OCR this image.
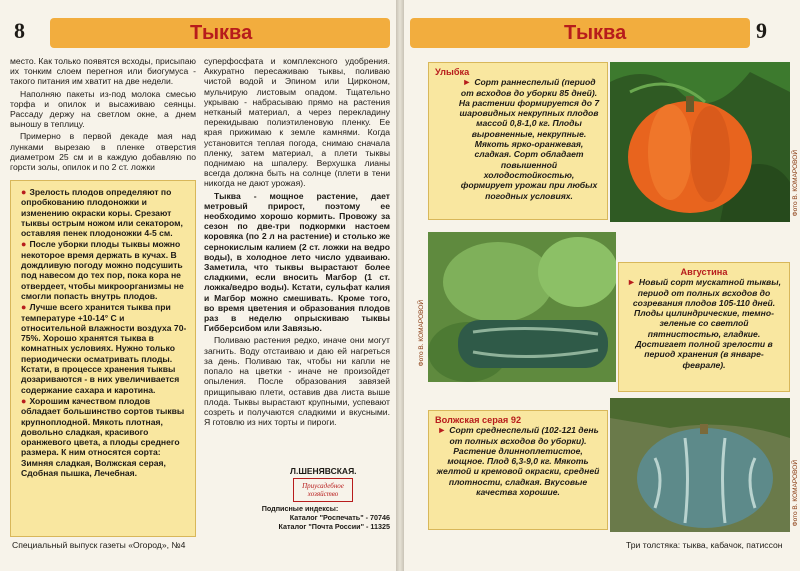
8	Тыква

место. Как только появятся всходы, присыпаю их тонким слоем перегноя или биогумуса - такого питания им хватит на две недели.

Наполняю пакеты из-под молока смесью торфа и опилок и высаживаю сеянцы. Рассаду держу на светлом окне, а днем выношу в теплицу.

Примерно в первой декаде мая над лунками вырезаю в пленке отверстия диаметром 25 см и в каждую добавляю по горсти золы, опилок и по 2 ст. ложки

● Зрелость плодов определяют по опробкованию плодоножки и изменению окраски коры. Срезают тыквы острым ножом или секатором, оставляя пенек плодоножки 4-5 см.

● После уборки плоды тыквы можно некоторое время держать в кучах. В дождливую погоду можно подсушить под навесом до тех пор, пока кора не отвердеет, чтобы микроорганизмы не смогли попасть внутрь плодов.

● Лучше всего хранится тыква при температуре +10-14° С и относительной влажности воздуха 70-75%. Хорошо хранятся тыква в комнатных условиях. Нужно только периодически осматривать плоды. Кстати, в процессе хранения тыквы дозариваются - в них увеличивается содержание сахара и каротина.

● Хорошим качеством плодов обладает большинство сортов тыквы крупноплодной. Мякоть плотная, довольно сладкая, красивого оранжевого цвета, а плоды среднего размера. К ним относятся сорта: Зимняя сладкая, Волжская серая, Сдобная пышка, Лечебная.

суперфосфата и комплексного удобрения. Аккуратно пересаживаю тыквы, поливаю чистой водой и Эпином или Цирконом, мульчирую листовым опадом. Тщательно укрываю - набрасываю прямо на растения нетканый материал, а через перекладину перекидываю полиэтиленовую пленку. Ее края прижимаю к земле камнями. Когда установится теплая погода, снимаю сначала пленку, затем материал, а плети тыквы поднимаю на шпалеру. Верхушка лианы всегда должна быть на солнце (плети в тени никогда не дают урожая).

Тыква - мощное растение, дает метровый прирост, поэтому ее необходимо хорошо кормить. Провожу за сезон по две-три подкормки настоем коровяка (по 2 л на растение) и столько же сернокислым калием (2 ст. ложки на ведро воды), в холодное лето число удваиваю. Заметила, что тыквы вырастают более сладкими, если вносить Магбор (1 ст. ложка/ведро воды). Кстати, сульфат калия и Магбор можно смешивать. Кроме того, во время цветения и образования плодов раз в неделю опрыскиваю тыквы Гибберсибом или Завязью.

Поливаю растения редко, иначе они могут загнить. Воду отстаиваю и даю ей нагреться за день. Поливаю так, чтобы ни капли не попало на цветки - иначе не произойдет опыления. После образования завязей прищипываю плети, оставив два листа выше плода. Тыквы вырастают крупными, успевают созреть и получаются сладкими и вкусными. Я готовлю из них торты и пироги.

Л.ШЕНЯВСКАЯ.
Приусадебное хозяйство
Подписные индексы:
Каталог "Роспечать" - 70746
Каталог "Почта России" - 11325
Специальный выпуск газеты «Огород», №4
9
Тыква

Улыбка

► Сорт раннеспелый (период от всходов до уборки 85 дней). На растении формируется до 7 шаровидных некрупных плодов массой 0,8-1,0 кг. Плоды выровненные, некрупные. Мякоть ярко-оранжевая, сладкая. Сорт обладает повышенной холодостойкостью, формирует урожаи при любых погодных условиях.	Фото В. КОМАРОВОЙ

Августина

► Новый сорт мускатной тыквы, период от полных всходов до созревания плодов 105-110 дней. Плоды цилиндрические, темно-зеленые со светлой пятнистостью, гладкие. Достигает полной зрелости в период хранения (в январе-феврале).

Фото В. КОМАРОВОЙ

Волжская серая 92

► Сорт среднеспелый (102-121 день от полных всходов до уборки). Растение длинноплетистое, мощное. Плод 6,3-9,0 кг. Мякоть желтой и кремовой окраски, средней плотности, сладкая. Вкусовые качества хорошие.	Фото В. КОМАРОВОЙ
Три толстяка: тыква, кабачок, патиссон
